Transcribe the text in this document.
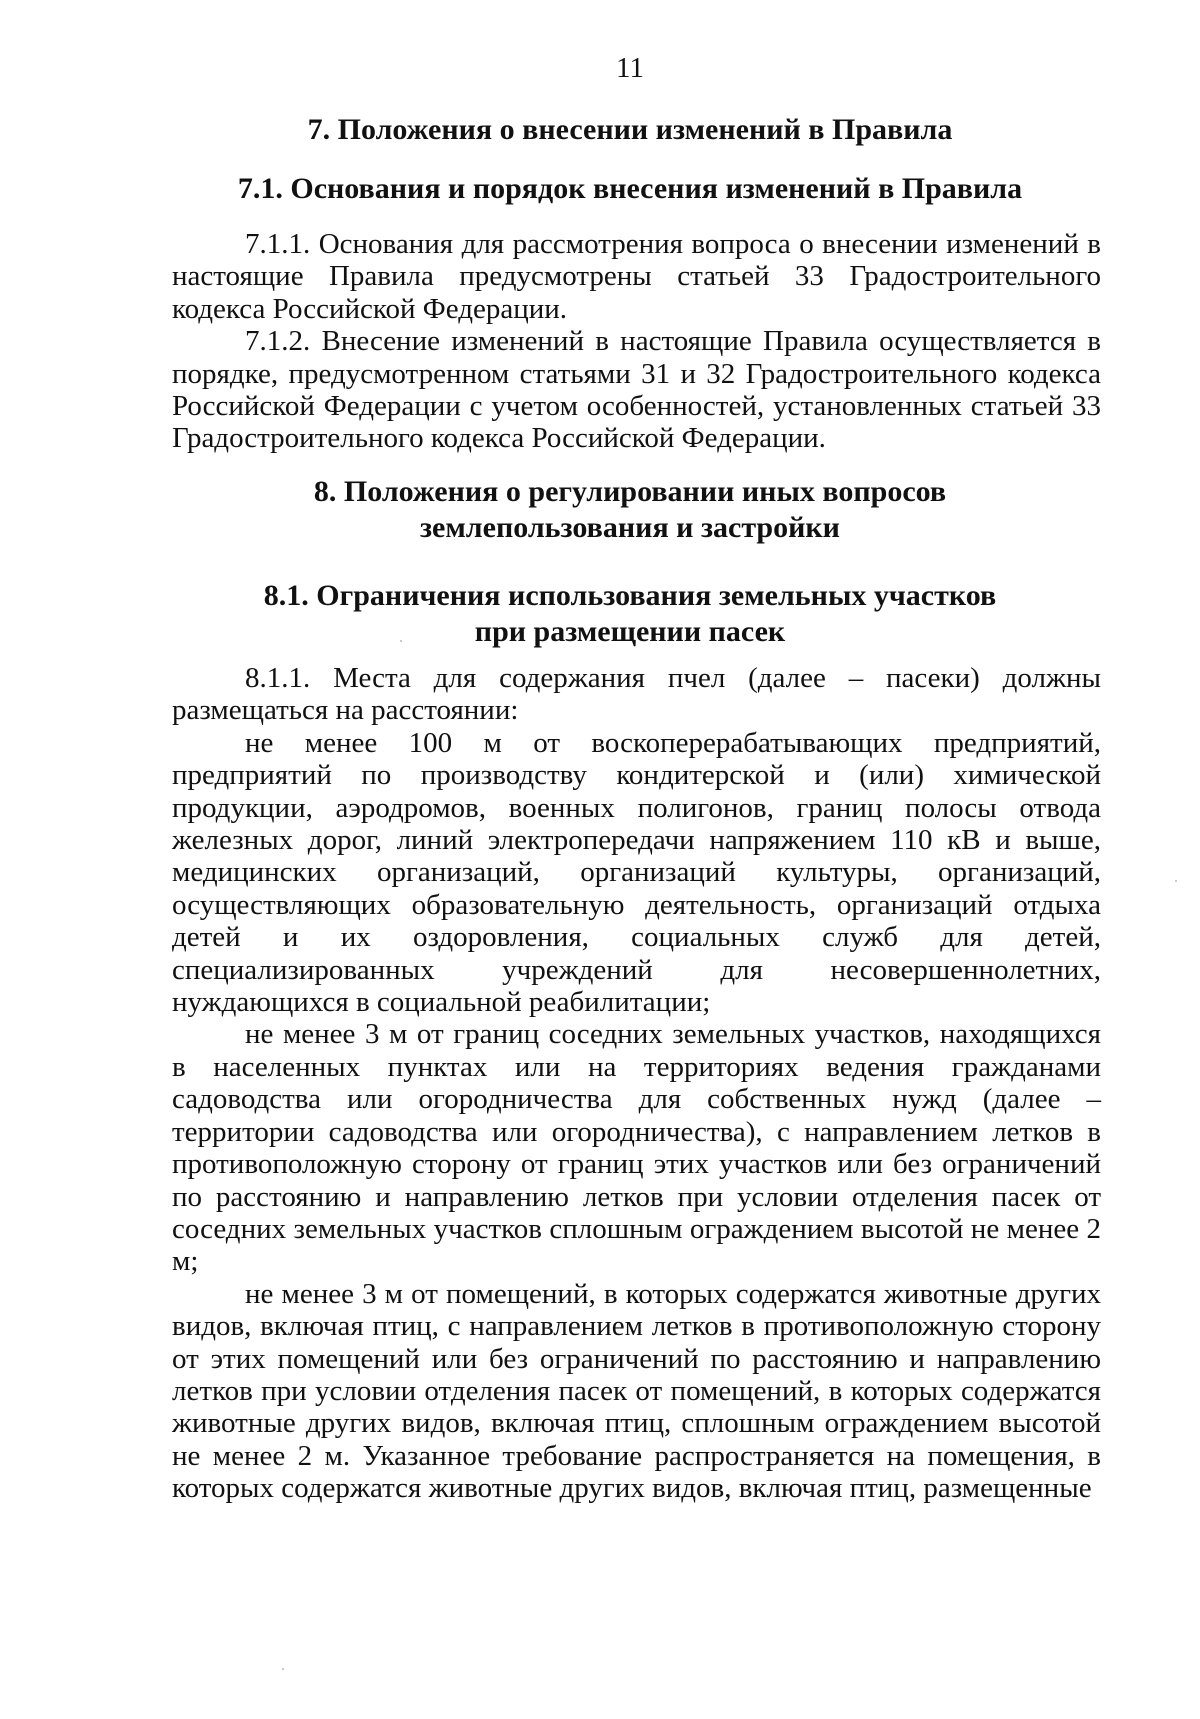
11
7. Положения о внесении изменений в Правила
7.1. Основания и порядок внесения изменений в Правила

7.1.1. Основания для рассмотрения вопроса о внесении изменений в настоящие Правила предусмотрены статьей 33 Градостроительного кодекса Российской Федерации.

7.1.2. Внесение изменений в настоящие Правила осуществляется в порядке, предусмотренном статьями 31 и 32 Градостроительного кодекса Российской Федерации с учетом особенностей, установленных статьей 33 Градостроительного кодекса Российской Федерации.

8. Положения о регулировании иных вопросов
землепользования и застройки
8.1. Ограничения использования земельных участков
при размещении пасек

8.1.1. Места для содержания пчел (далее – пасеки) должны размещаться на расстоянии:

не менее 100 м от воскоперерабатывающих предприятий, предприятий по производству кондитерской и (или) химической продукции, аэродромов, военных полигонов, границ полосы отвода железных дорог, линий электропередачи напряжением 110 кВ и выше, медицинских организаций, организаций культуры, организаций, осуществляющих образовательную деятельность, организаций отдыха детей и их оздоровления, социальных служб для детей, специализированных учреждений для несовершеннолетних, нуждающихся в социальной реабилитации;

не менее 3 м от границ соседних земельных участков, находящихся в населенных пунктах или на территориях ведения гражданами садоводства или огородничества для собственных нужд (далее – территории садоводства или огородничества), с направлением летков в противоположную сторону от границ этих участков или без ограничений по расстоянию и направлению летков при условии отделения пасек от соседних земельных участков сплошным ограждением высотой не менее 2 м;

не менее 3 м от помещений, в которых содержатся животные других видов, включая птиц, с направлением летков в противоположную сторону от этих помещений или без ограничений по расстоянию и направлению летков при условии отделения пасек от помещений, в которых содержатся животные других видов, включая птиц, сплошным ограждением высотой не менее 2 м. Указанное требование распространяется на помещения, в которых содержатся животные других видов, включая птиц, размещенные
